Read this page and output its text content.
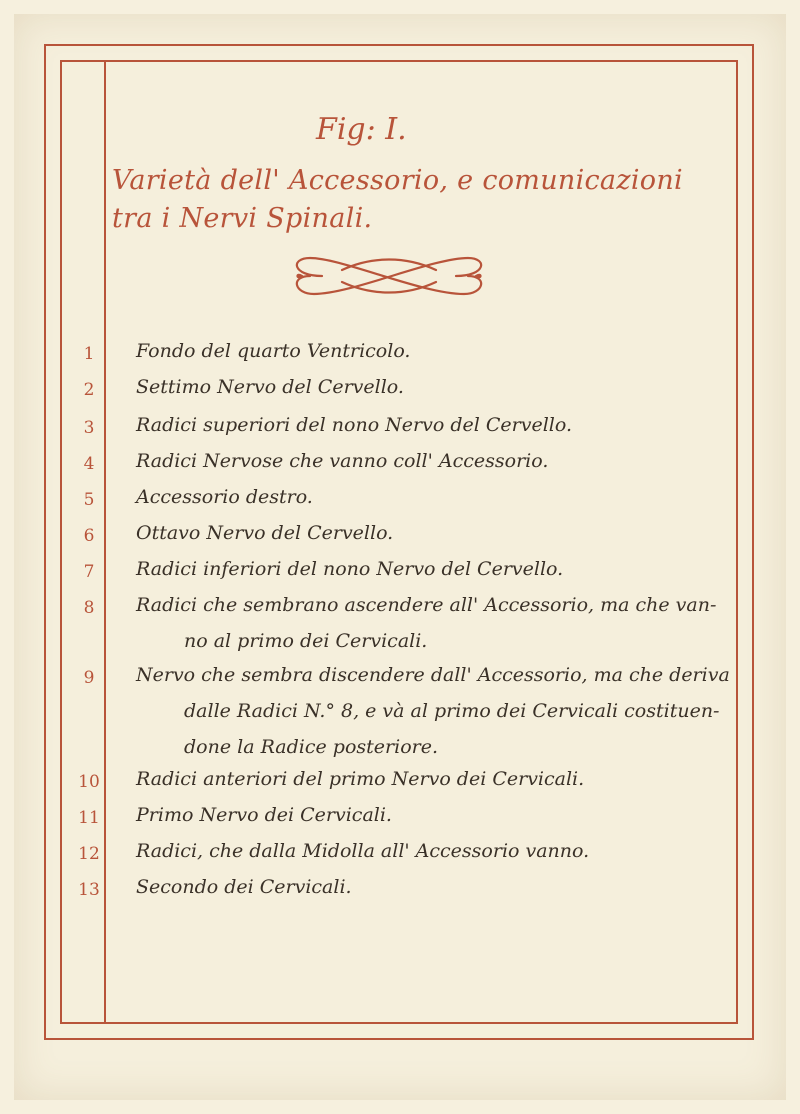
Fig: I.
Varietà dell' Accessorio, e comunicazioni tra i Nervi Spinali.
1	Fondo del quarto Ventricolo.
2	Settimo Nervo del Cervello.
3	Radici superiori del nono Nervo del Cervello.
4	Radici Nervose che vanno coll' Accessorio.
5	Accessorio destro.
6	Ottavo Nervo del Cervello.
7	Radici inferiori del nono Nervo del Cervello.
8	Radici che sembrano ascendere all' Accessorio, ma che van-
no al primo dei Cervicali.
9	Nervo che sembra discendere dall' Accessorio, ma che deriva
dalle Radici N.° 8, e và al primo dei Cervicali costituen-
done la Radice posteriore.
10	Radici anteriori del primo Nervo dei Cervicali.
11	Primo Nervo dei Cervicali.
12	Radici, che dalla Midolla all' Accessorio vanno.
13	Secondo dei Cervicali.
